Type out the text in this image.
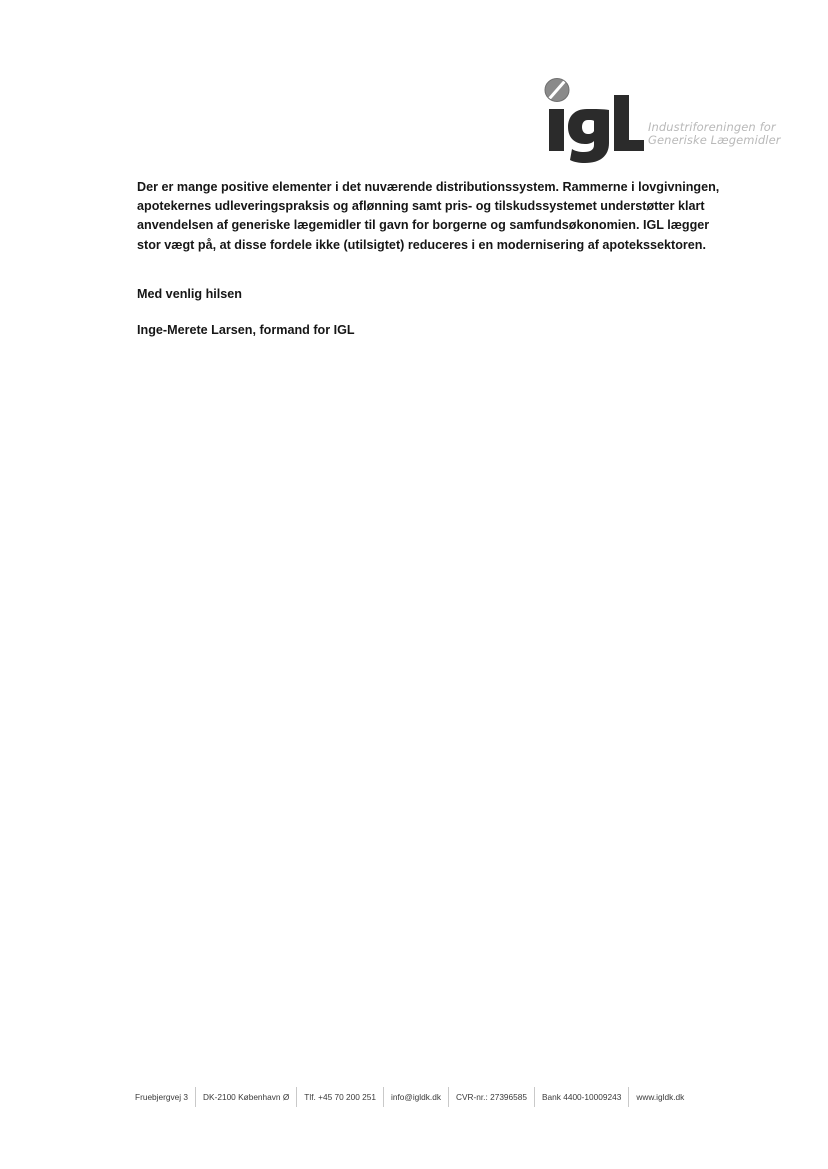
Industriforeningen for
Generiske Lægemidler

Der er mange positive elementer i det nuværende distributionssystem. Rammerne i lovgivningen,
apotekernes udleveringspraksis og aflønning samt pris- og tilskudssystemet understøtter klart
anvendelsen af generiske lægemidler til gavn for borgerne og samfundsøkonomien. IGL lægger
stor vægt på, at disse fordele ikke (utilsigtet) reduceres i en modernisering af apotekssektoren.

Med venlig hilsen
Inge-Merete Larsen, formand for IGL
Fruebjergvej 3	DK-2100 København Ø	Tlf. +45 70 200 251	info@igldk.dk	CVR-nr.: 27396585	Bank 4400-10009243	www.igldk.dk
